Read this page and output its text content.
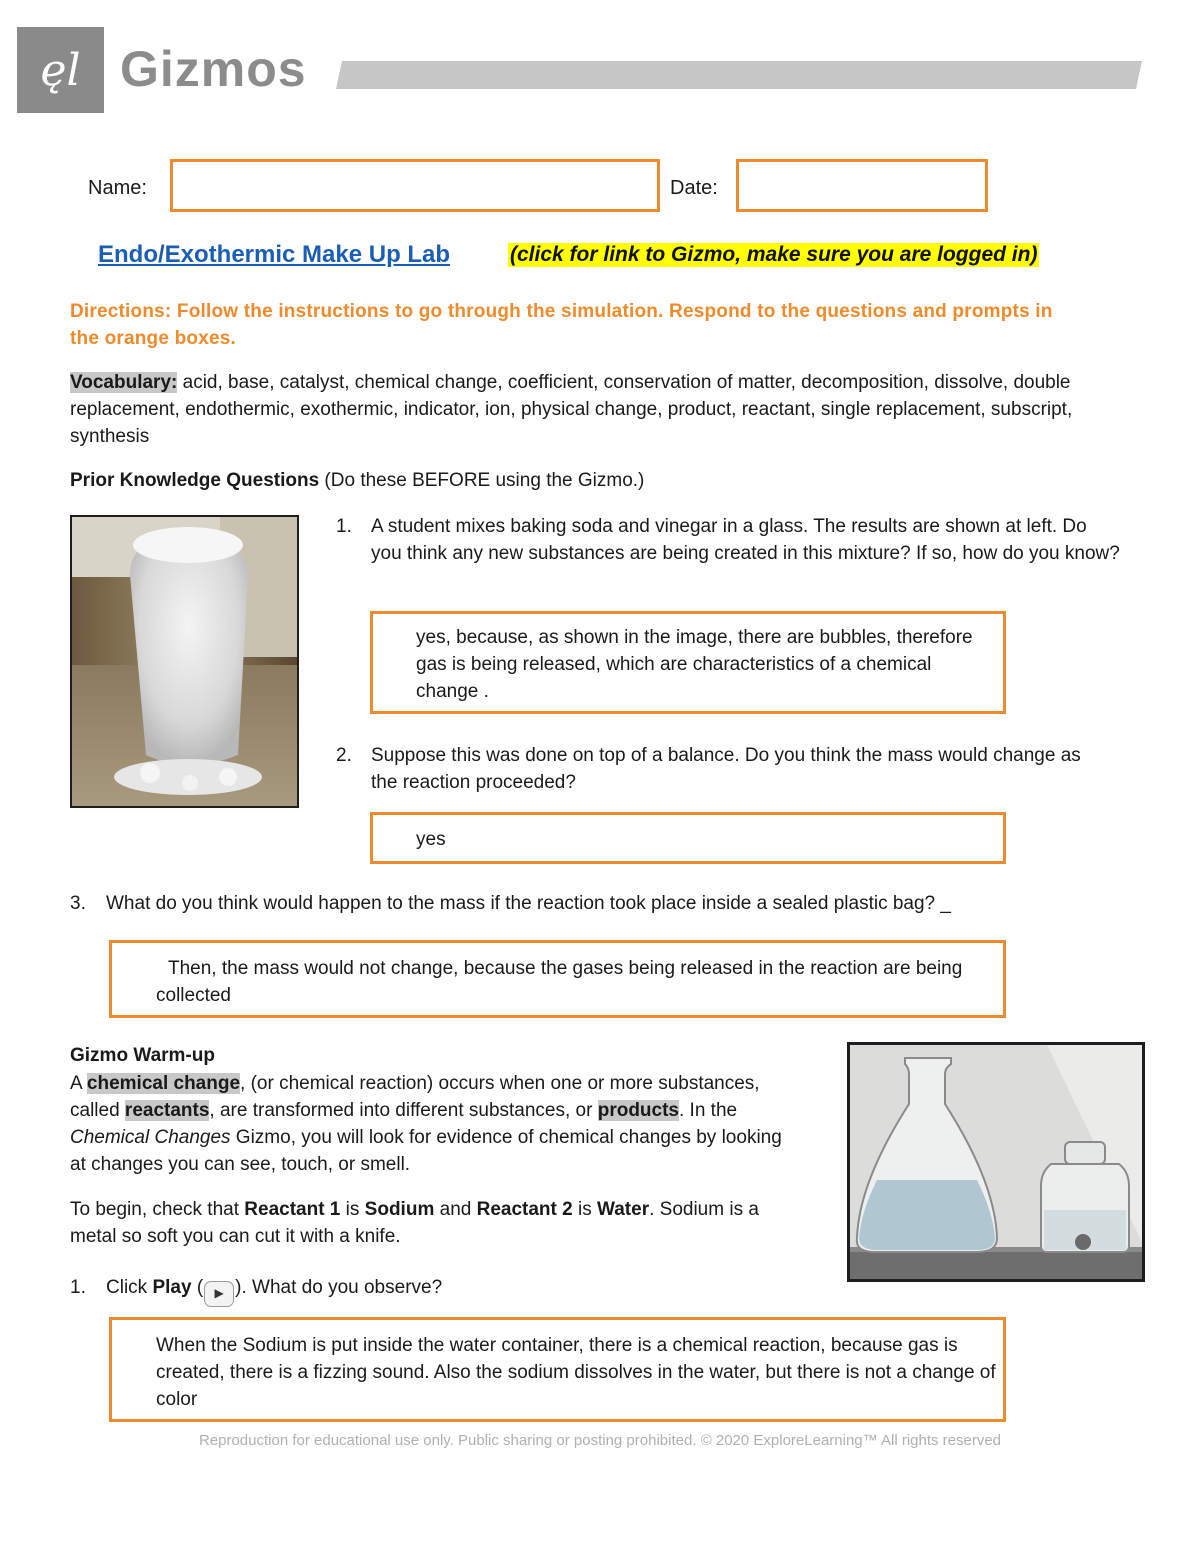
ęl Gizmos
Name:	Date:
Endo/Exothermic Make Up Lab	(click for link to Gizmo, make sure you are logged in)
Directions: Follow the instructions to go through the simulation. Respond to the questions and prompts in the orange boxes.
Vocabulary: acid, base, catalyst, chemical change, coefficient, conservation of matter, decomposition, dissolve, double replacement, endothermic, exothermic, indicator, ion, physical change, product, reactant, single replacement, subscript, synthesis
Prior Knowledge Questions (Do these BEFORE using the Gizmo.)
1. A student mixes baking soda and vinegar in a glass. The results are shown at left. Do you think any new substances are being created in this mixture? If so, how do you know?
yes, because, as shown in the image, there are bubbles, therefore gas is being released, which are characteristics of a chemical change .
2. Suppose this was done on top of a balance. Do you think the mass would change as the reaction proceeded?
yes
3. What do you think would happen to the mass if the reaction took place inside a sealed plastic bag? _
Then, the mass would not change, because the gases being released in the reaction are being collected
Gizmo Warm-up
A chemical change, (or chemical reaction) occurs when one or more substances, called reactants, are transformed into different substances, or products. In the Chemical Changes Gizmo, you will look for evidence of chemical changes by looking at changes you can see, touch, or smell.
To begin, check that Reactant 1 is Sodium and Reactant 2 is Water. Sodium is a metal so soft you can cut it with a knife.
1. Click Play ( ▶ ). What do you observe?
When the Sodium is put inside the water container, there is a chemical reaction, because gas is created, there is a fizzing sound. Also the sodium dissolves in the water, but there is not a change of color
Reproduction for educational use only. Public sharing or posting prohibited. © 2020 ExploreLearning™ All rights reserved
